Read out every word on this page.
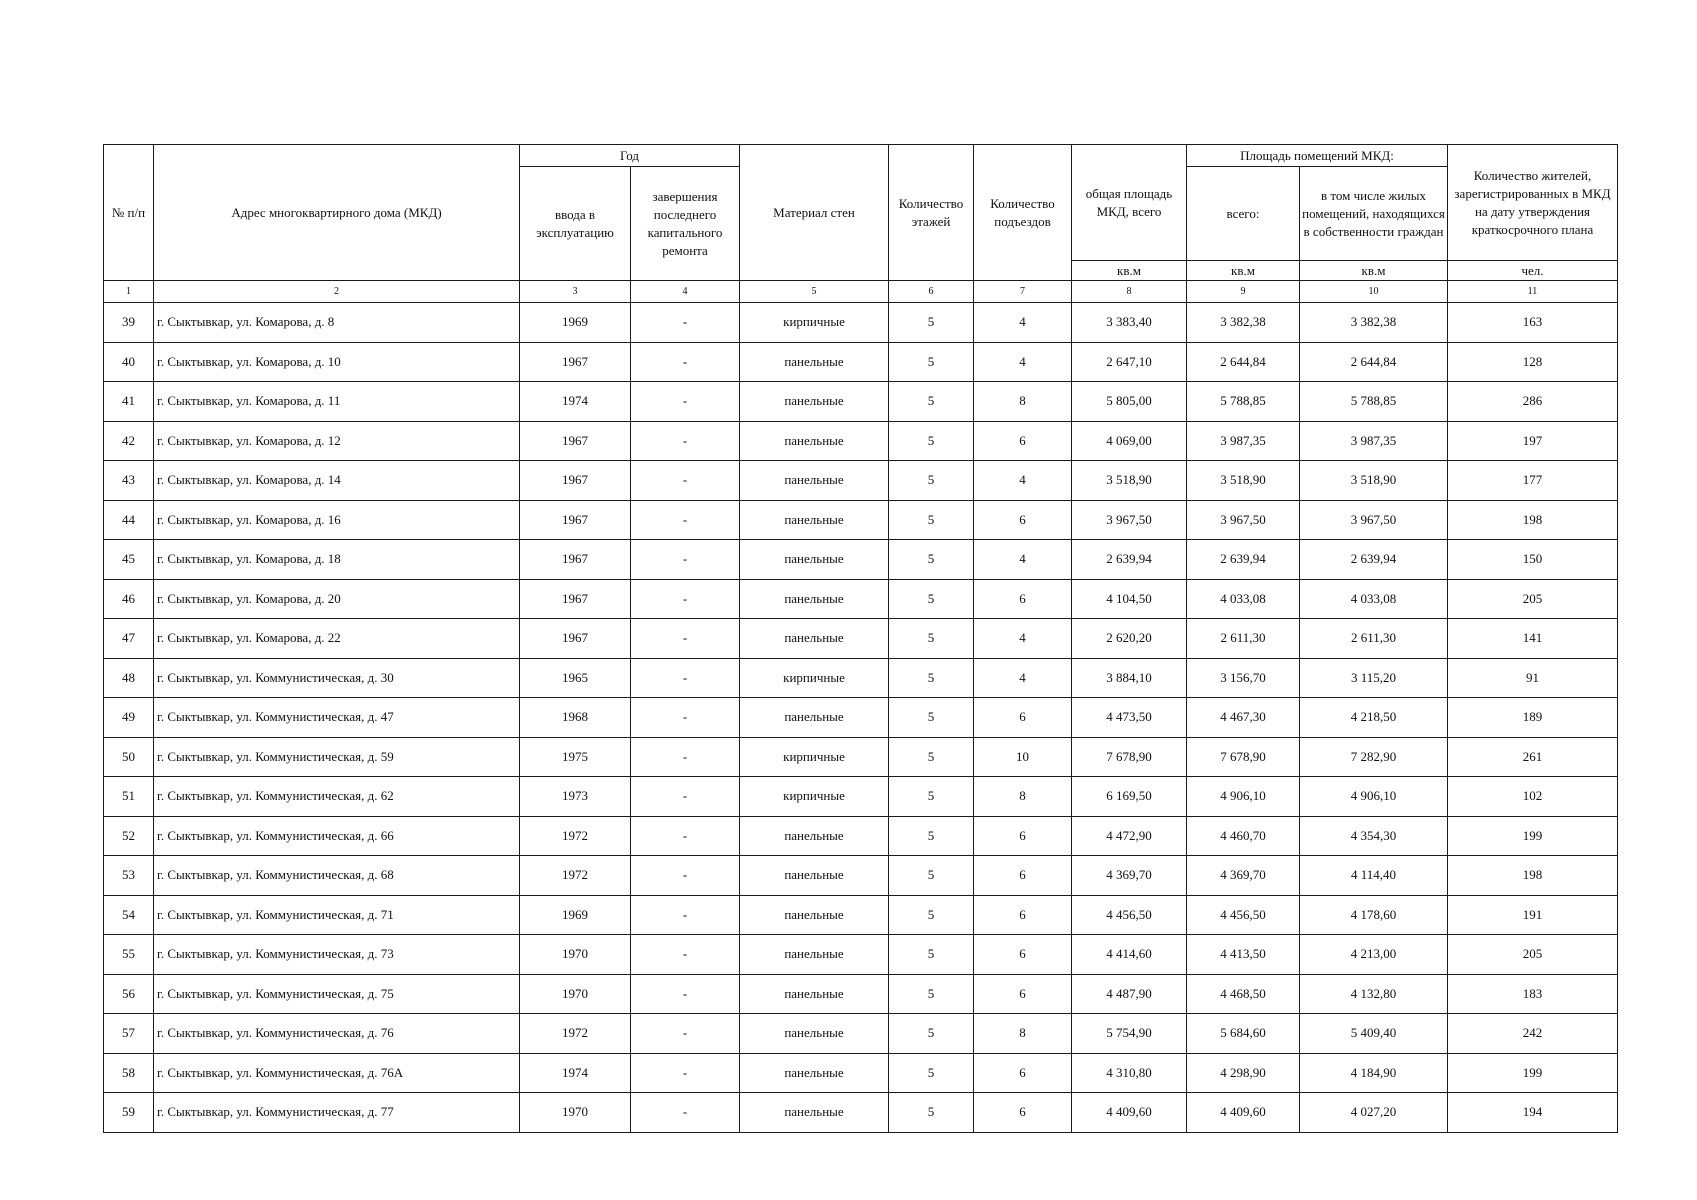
№ п/п	Адрес многоквартирного дома (МКД)	Год		Материал стен	Количество этажей	Количество подъездов	общая площадь МКД, всего	Площадь помещений МКД:		Количество жителей, зарегистрированных в МКД на дату утверждения краткосрочного плана
		ввода в эксплуатацию	завершения последнего капитального ремонта					всего:	в том числе жилых помещений, находящихся в собственности граждан	
							кв.м	кв.м	кв.м	чел.
1	2	3	4	5	6	7	8	9	10	11
39	г. Сыктывкар, ул. Комарова, д. 8	1969	-	кирпичные	5	4	3 383,40	3 382,38	3 382,38	163
40	г. Сыктывкар, ул. Комарова, д. 10	1967	-	панельные	5	4	2 647,10	2 644,84	2 644,84	128
41	г. Сыктывкар, ул. Комарова, д. 11	1974	-	панельные	5	8	5 805,00	5 788,85	5 788,85	286
42	г. Сыктывкар, ул. Комарова, д. 12	1967	-	панельные	5	6	4 069,00	3 987,35	3 987,35	197
43	г. Сыктывкар, ул. Комарова, д. 14	1967	-	панельные	5	4	3 518,90	3 518,90	3 518,90	177
44	г. Сыктывкар, ул. Комарова, д. 16	1967	-	панельные	5	6	3 967,50	3 967,50	3 967,50	198
45	г. Сыктывкар, ул. Комарова, д. 18	1967	-	панельные	5	4	2 639,94	2 639,94	2 639,94	150
46	г. Сыктывкар, ул. Комарова, д. 20	1967	-	панельные	5	6	4 104,50	4 033,08	4 033,08	205
47	г. Сыктывкар, ул. Комарова, д. 22	1967	-	панельные	5	4	2 620,20	2 611,30	2 611,30	141
48	г. Сыктывкар, ул. Коммунистическая, д. 30	1965	-	кирпичные	5	4	3 884,10	3 156,70	3 115,20	91
49	г. Сыктывкар, ул. Коммунистическая, д. 47	1968	-	панельные	5	6	4 473,50	4 467,30	4 218,50	189
50	г. Сыктывкар, ул. Коммунистическая, д. 59	1975	-	кирпичные	5	10	7 678,90	7 678,90	7 282,90	261
51	г. Сыктывкар, ул. Коммунистическая, д. 62	1973	-	кирпичные	5	8	6 169,50	4 906,10	4 906,10	102
52	г. Сыктывкар, ул. Коммунистическая, д. 66	1972	-	панельные	5	6	4 472,90	4 460,70	4 354,30	199
53	г. Сыктывкар, ул. Коммунистическая, д. 68	1972	-	панельные	5	6	4 369,70	4 369,70	4 114,40	198
54	г. Сыктывкар, ул. Коммунистическая, д. 71	1969	-	панельные	5	6	4 456,50	4 456,50	4 178,60	191
55	г. Сыктывкар, ул. Коммунистическая, д. 73	1970	-	панельные	5	6	4 414,60	4 413,50	4 213,00	205
56	г. Сыктывкар, ул. Коммунистическая, д. 75	1970	-	панельные	5	6	4 487,90	4 468,50	4 132,80	183
57	г. Сыктывкар, ул. Коммунистическая, д. 76	1972	-	панельные	5	8	5 754,90	5 684,60	5 409,40	242
58	г. Сыктывкар, ул. Коммунистическая, д. 76А	1974	-	панельные	5	6	4 310,80	4 298,90	4 184,90	199
59	г. Сыктывкар, ул. Коммунистическая, д. 77	1970	-	панельные	5	6	4 409,60	4 409,60	4 027,20	194
